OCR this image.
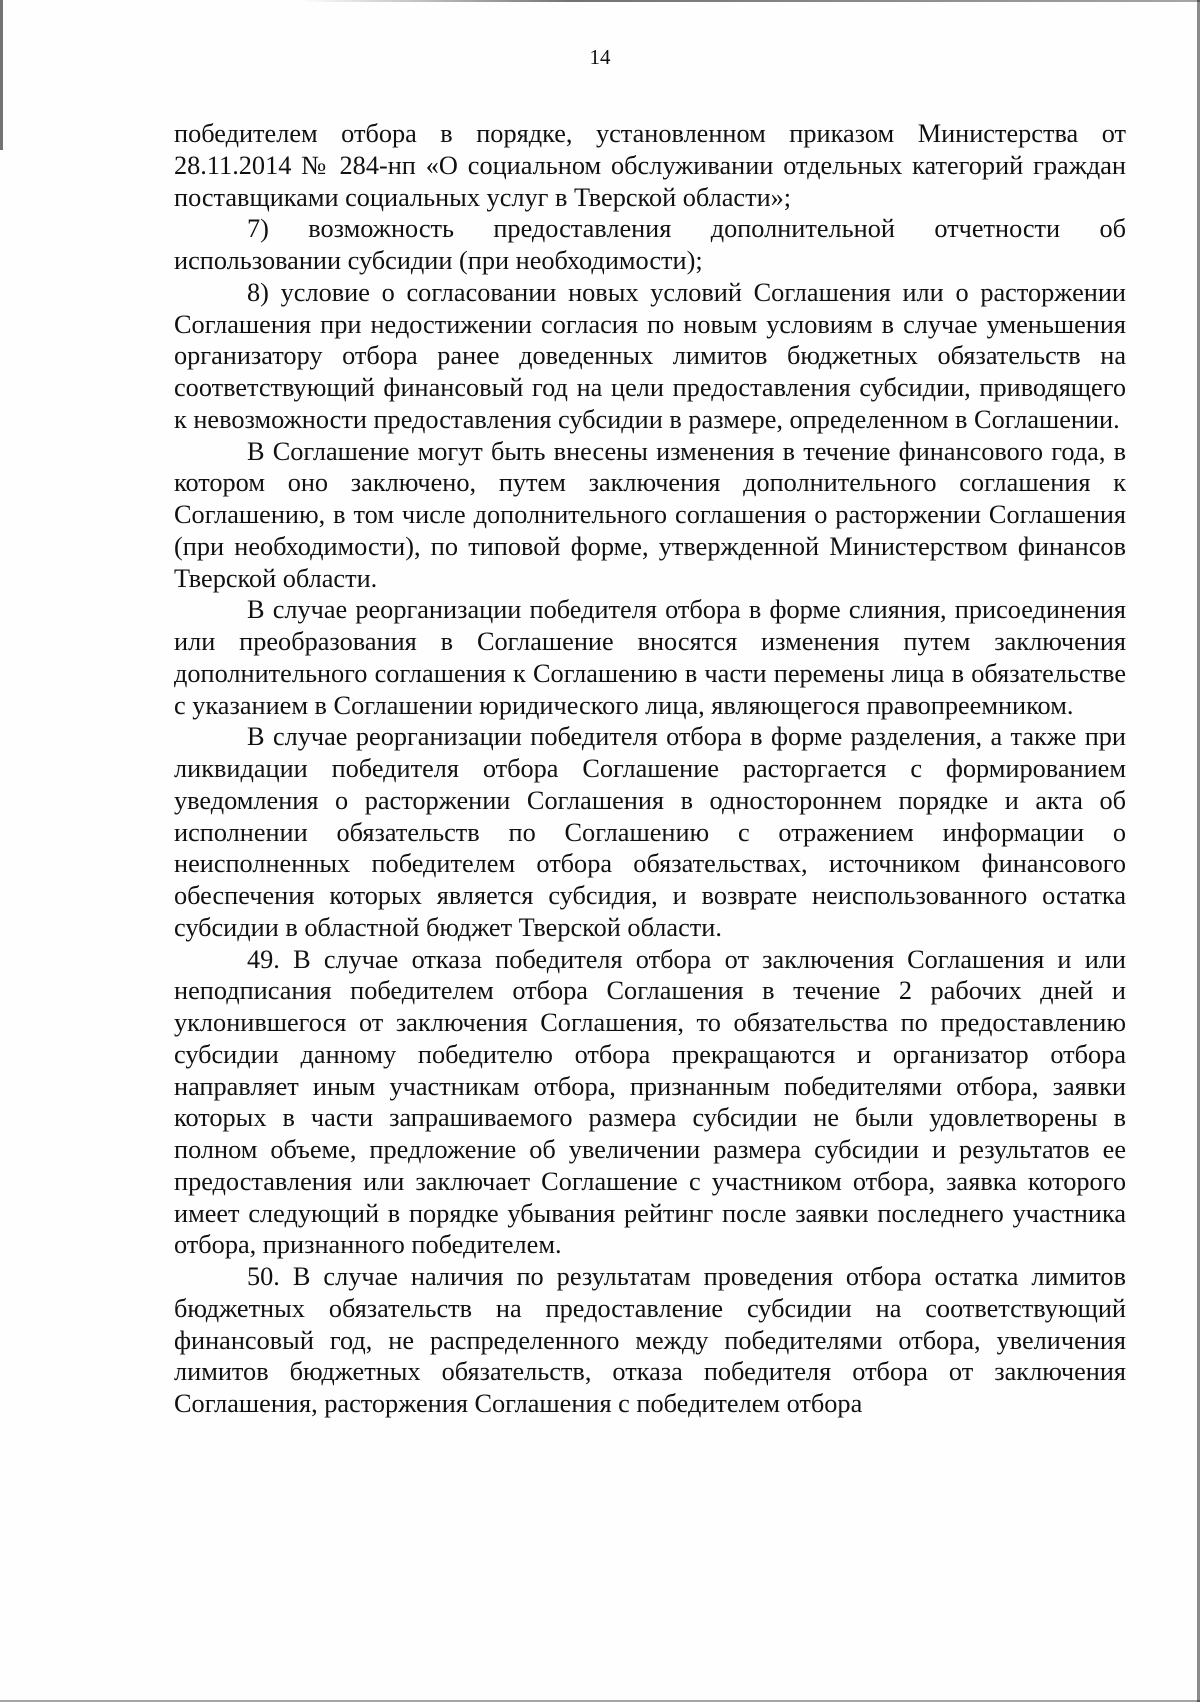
14

победителем отбора в порядке, установленном приказом Министерства от 28.11.2014 № 284-нп «О социальном обслуживании отдельных категорий граждан поставщиками социальных услуг в Тверской области»;

7) возможность предоставления дополнительной отчетности об использовании субсидии (при необходимости);

8) условие о согласовании новых условий Соглашения или о расторжении Соглашения при недостижении согласия по новым условиям в случае уменьшения организатору отбора ранее доведенных лимитов бюджетных обязательств на соответствующий финансовый год на цели предоставления субсидии, приводящего к невозможности предоставления субсидии в размере, определенном в Соглашении.

В Соглашение могут быть внесены изменения в течение финансового года, в котором оно заключено, путем заключения дополнительного соглашения к Соглашению, в том числе дополнительного соглашения о расторжении Соглашения (при необходимости), по типовой форме, утвержденной Министерством финансов Тверской области.

В случае реорганизации победителя отбора в форме слияния, присоединения или преобразования в Соглашение вносятся изменения путем заключения дополнительного соглашения к Соглашению в части перемены лица в обязательстве с указанием в Соглашении юридического лица, являющегося правопреемником.

В случае реорганизации победителя отбора в форме разделения, а также при ликвидации победителя отбора Соглашение расторгается с формированием уведомления о расторжении Соглашения в одностороннем порядке и акта об исполнении обязательств по Соглашению с отражением информации о неисполненных победителем отбора обязательствах, источником финансового обеспечения которых является субсидия, и возврате неиспользованного остатка субсидии в областной бюджет Тверской области.

49. В случае отказа победителя отбора от заключения Соглашения и или неподписания победителем отбора Соглашения в течение 2 рабочих дней и уклонившегося от заключения Соглашения, то обязательства по предоставлению субсидии данному победителю отбора прекращаются и организатор отбора направляет иным участникам отбора, признанным победителями отбора, заявки которых в части запрашиваемого размера субсидии не были удовлетворены в полном объеме, предложение об увеличении размера субсидии и результатов ее предоставления или заключает Соглашение с участником отбора, заявка которого имеет следующий в порядке убывания рейтинг после заявки последнего участника отбора, признанного победителем.

50. В случае наличия по результатам проведения отбора остатка лимитов бюджетных обязательств на предоставление субсидии на соответствующий финансовый год, не распределенного между победителями отбора, увеличения лимитов бюджетных обязательств, отказа победителя отбора от заключения Соглашения, расторжения Соглашения с победителем отбора
